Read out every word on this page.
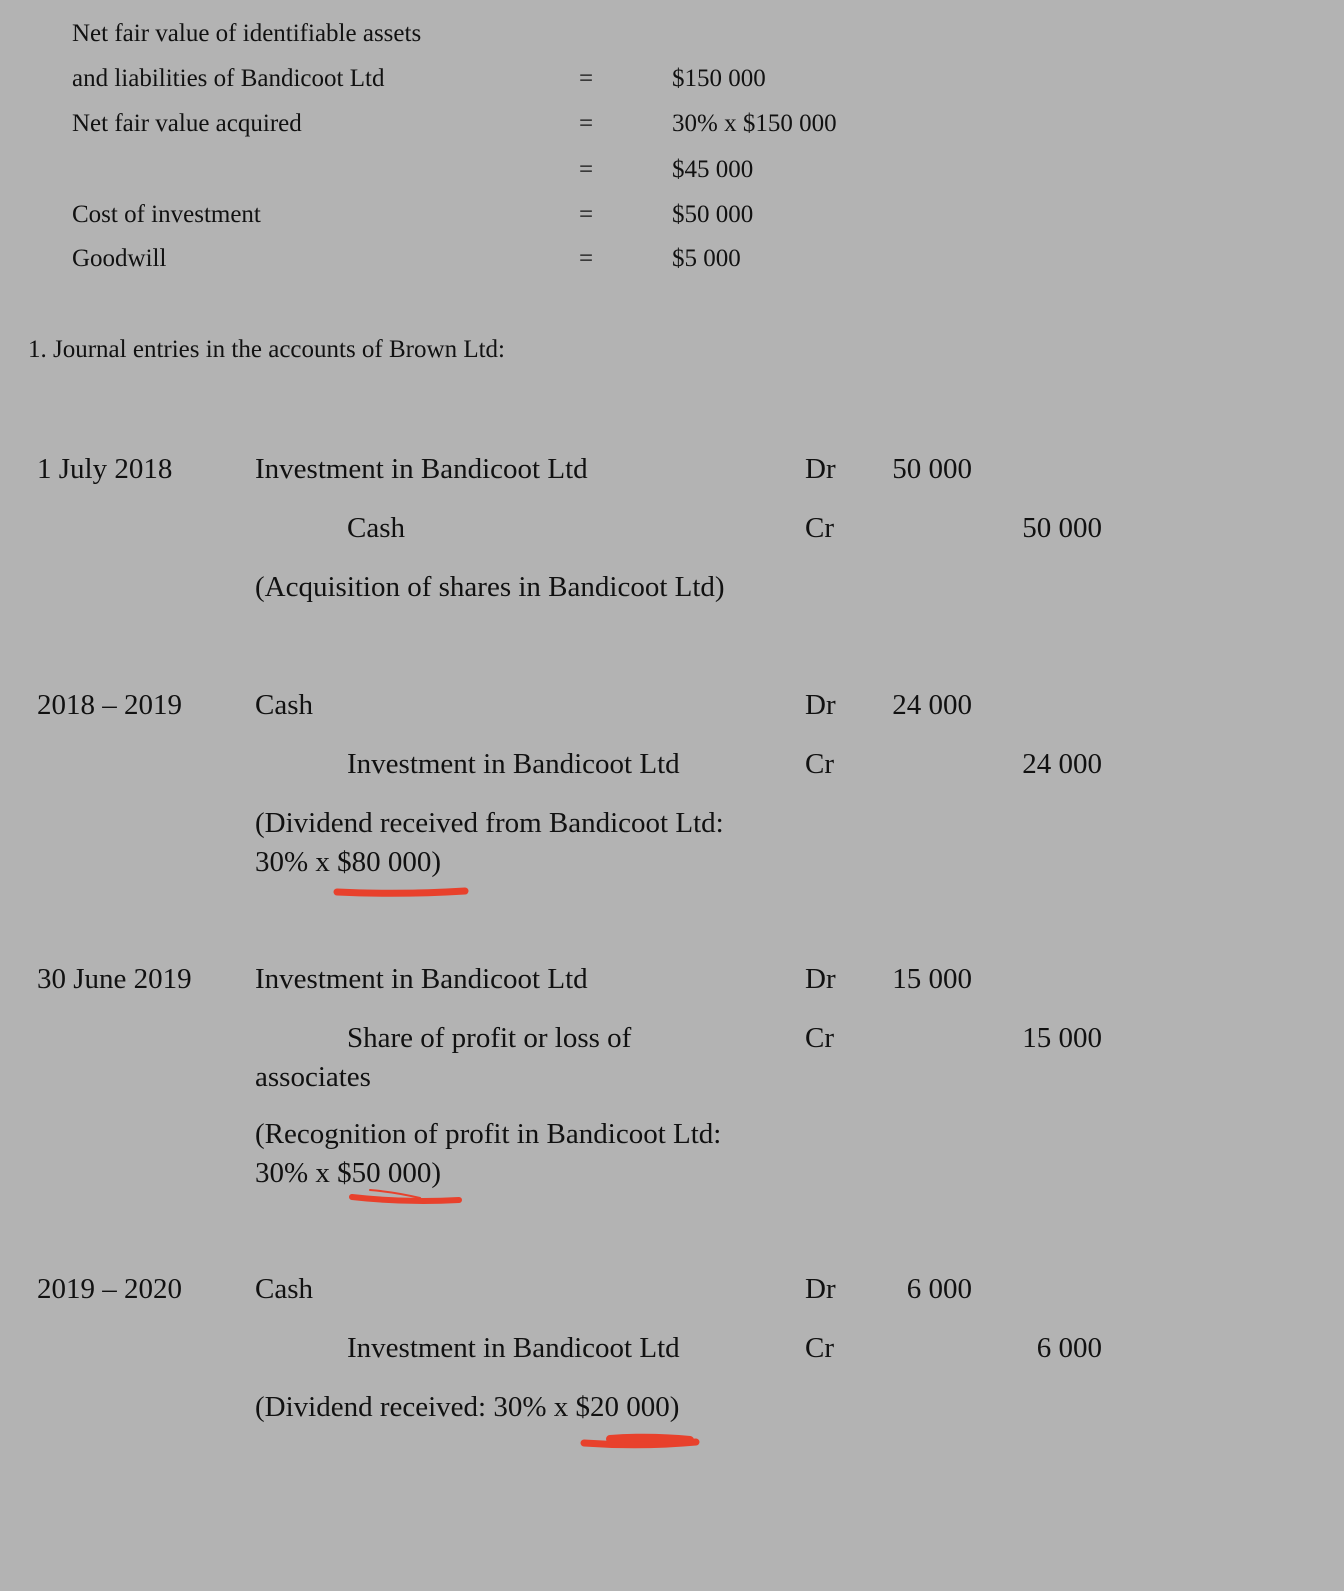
Net fair value of identifiable assets
and liabilities of Bandicoot Ltd	=	$150 000
Net fair value acquired	=	30% x $150 000
=	$45 000
Cost of investment	=	$50 000
Goodwill	=	$5 000
1. Journal entries in the accounts of Brown Ltd:
1 July 2018	Investment in Bandicoot Ltd	Dr	50 000
Cash	Cr	50 000
(Acquisition of shares in Bandicoot Ltd)
2018 – 2019	Cash	Dr	24 000
Investment in Bandicoot Ltd	Cr	24 000
(Dividend received from Bandicoot Ltd:
30% x $80 000)
30 June 2019 Investment in Bandicoot Ltd	Dr	15 000
Share of profit or loss of	Cr	15 000
associates
(Recognition of profit in Bandicoot Ltd:
30% x $50 000)
2019 – 2020	Cash	Dr	6 000
Investment in Bandicoot Ltd	Cr	6 000
(Dividend received: 30% x $20 000)
